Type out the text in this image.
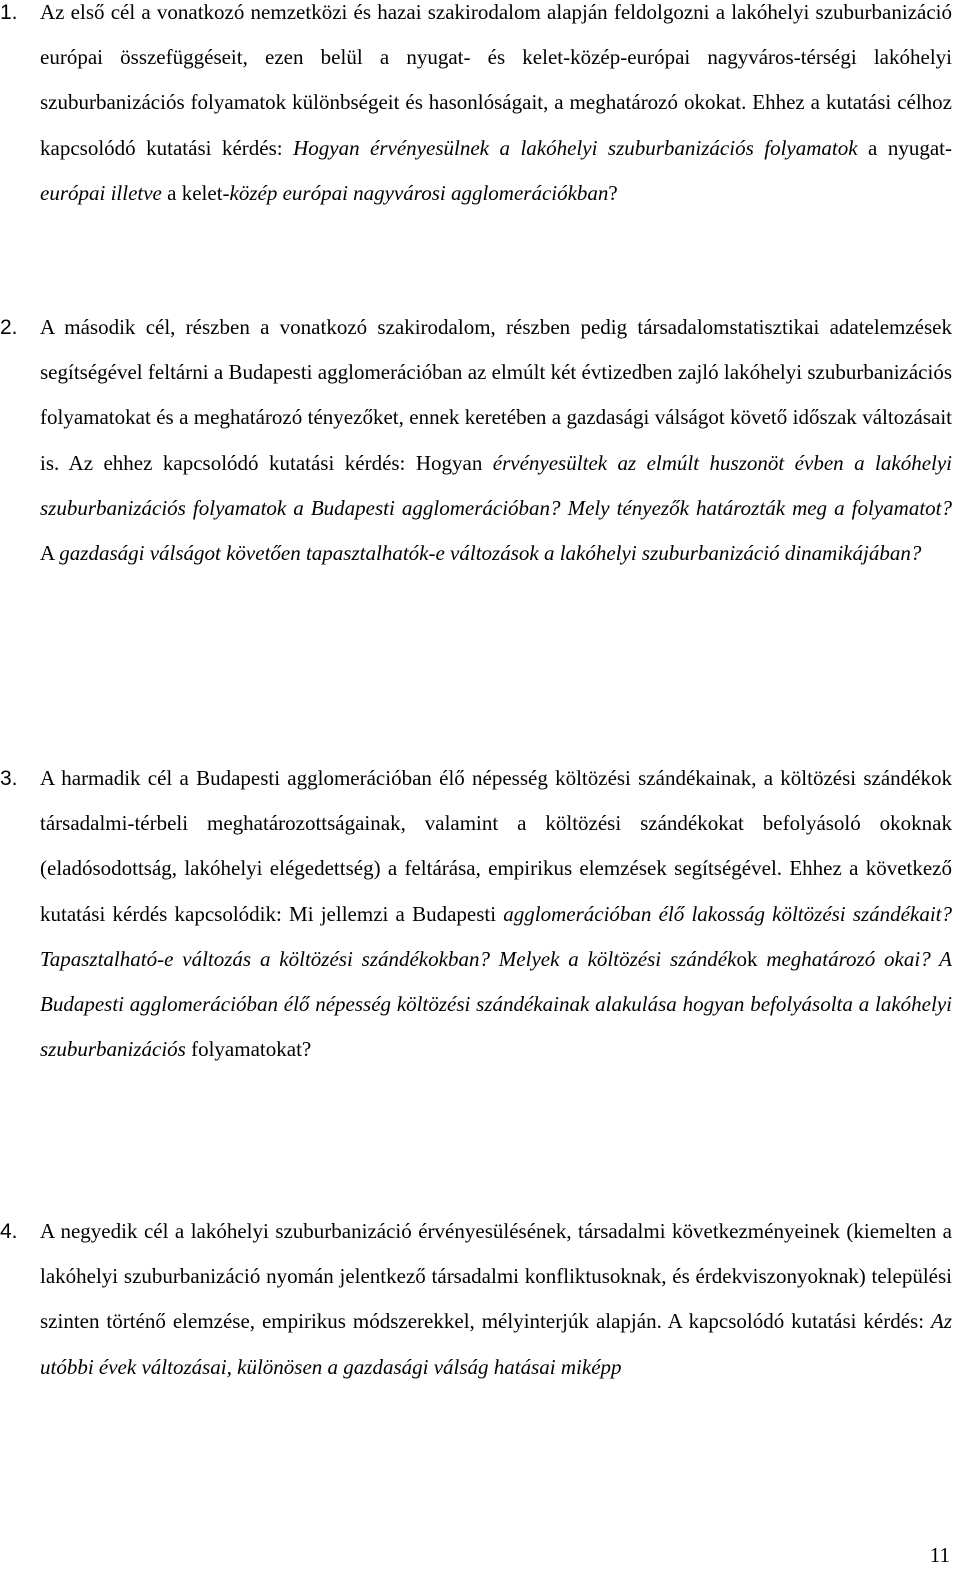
1. Az első cél a vonatkozó nemzetközi és hazai szakirodalom alapján feldolgozni a lakóhelyi szuburbanizáció európai összefüggéseit, ezen belül a nyugat- és kelet-közép-európai nagyváros-térségi lakóhelyi szuburbanizációs folyamatok különbségeit és hasonlóságait, a meghatározó okokat. Ehhez a kutatási célhoz kapcsolódó kutatási kérdés: Hogyan érvényesülnek a lakóhelyi szuburbanizációs folyamatok a nyugat-európai illetve a kelet-közép európai nagyvárosi agglomerációkban?

2. A második cél, részben a vonatkozó szakirodalom, részben pedig társadalomstatisztikai adatelemzések segítségével feltárni a Budapesti agglomerációban az elmúlt két évtizedben zajló lakóhelyi szuburbanizációs folyamatokat és a meghatározó tényezőket, ennek keretében a gazdasági válságot követő időszak változásait is. Az ehhez kapcsolódó kutatási kérdés: Hogyan érvényesültek az elmúlt huszonöt évben a lakóhelyi szuburbanizációs folyamatok a Budapesti agglomerációban? Mely tényezők határozták meg a folyamatot? A gazdasági válságot követően tapasztalhatók-e változások a lakóhelyi szuburbanizáció dinamikájában?

3. A harmadik cél a Budapesti agglomerációban élő népesség költözési szándékainak, a költözési szándékok társadalmi-térbeli meghatározottságainak, valamint a költözési szándékokat befolyásoló okoknak (eladósodottság, lakóhelyi elégedettség) a feltárása, empirikus elemzések segítségével. Ehhez a következő kutatási kérdés kapcsolódik: Mi jellemzi a Budapesti agglomerációban élő lakosság költözési szándékait? Tapasztalható-e változás a költözési szándékokban? Melyek a költözési szándékok meghatározó okai? A Budapesti agglomerációban élő népesség költözési szándékainak alakulása hogyan befolyásolta a lakóhelyi szuburbanizációs folyamatokat?

4. A negyedik cél a lakóhelyi szuburbanizáció érvényesülésének, társadalmi következményeinek (kiemelten a lakóhelyi szuburbanizáció nyomán jelentkező társadalmi konfliktusoknak, és érdekviszonyoknak) települési szinten történő elemzése, empirikus módszerekkel, mélyinterjúk alapján. A kapcsolódó kutatási kérdés: Az utóbbi évek változásai, különösen a gazdasági válság hatásai miképp

11
